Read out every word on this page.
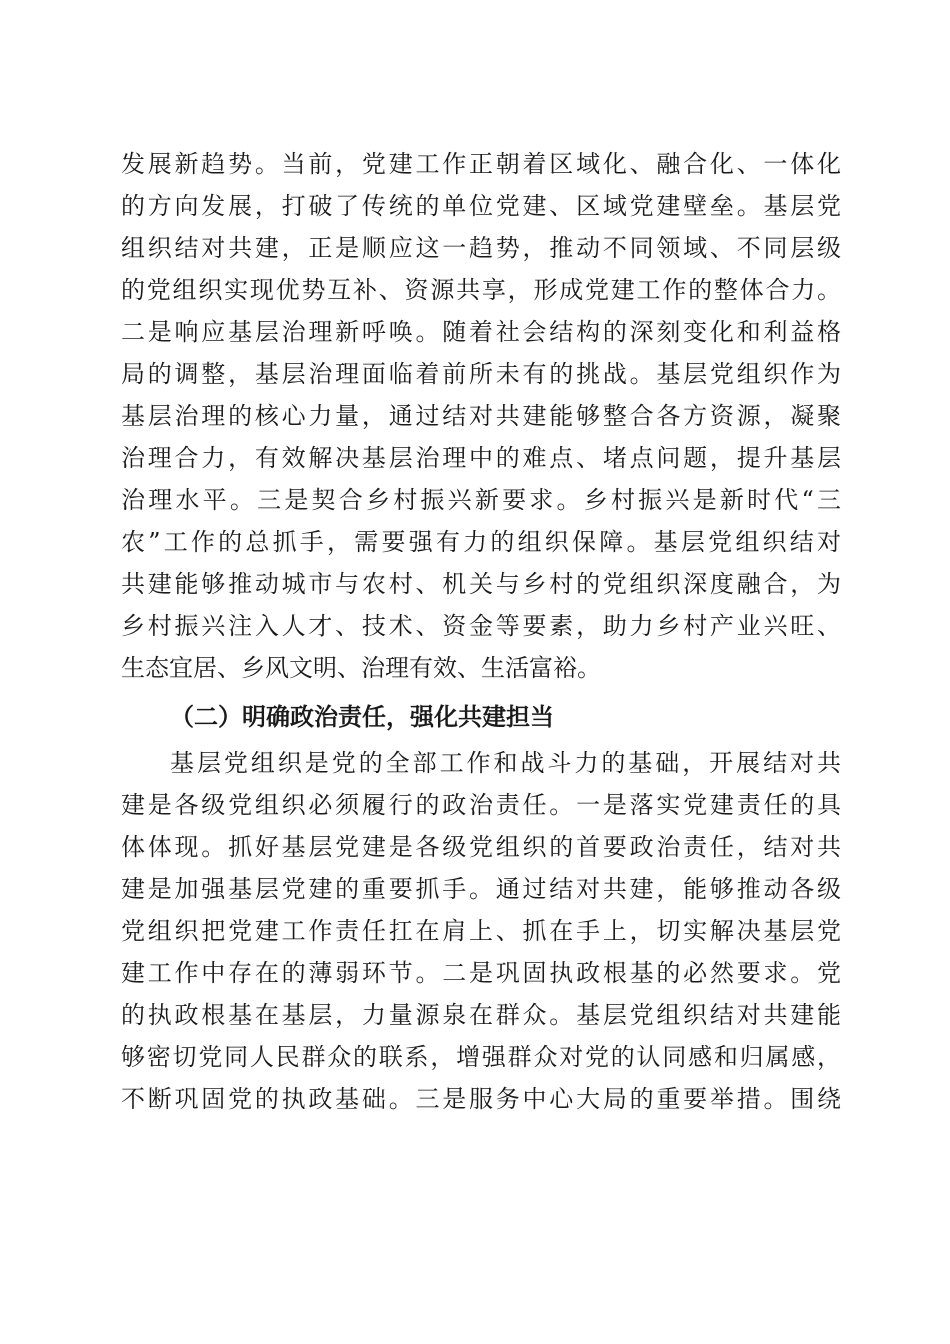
发展新趋势。当前，党建工作正朝着区域化、融合化、一体化
的方向发展，打破了传统的单位党建、区域党建壁垒。基层党
组织结对共建，正是顺应这一趋势，推动不同领域、不同层级
的党组织实现优势互补、资源共享，形成党建工作的整体合力。
二是响应基层治理新呼唤。随着社会结构的深刻变化和利益格
局的调整，基层治理面临着前所未有的挑战。基层党组织作为
基层治理的核心力量，通过结对共建能够整合各方资源，凝聚
治理合力，有效解决基层治理中的难点、堵点问题，提升基层
治理水平。三是契合乡村振兴新要求。乡村振兴是新时代“三
农”工作的总抓手，需要强有力的组织保障。基层党组织结对
共建能够推动城市与农村、机关与乡村的党组织深度融合，为
乡村振兴注入人才、技术、资金等要素，助力乡村产业兴旺、
生态宜居、乡风文明、治理有效、生活富裕。
（二）明确政治责任，强化共建担当
基层党组织是党的全部工作和战斗力的基础，开展结对共
建是各级党组织必须履行的政治责任。一是落实党建责任的具
体体现。抓好基层党建是各级党组织的首要政治责任，结对共
建是加强基层党建的重要抓手。通过结对共建，能够推动各级
党组织把党建工作责任扛在肩上、抓在手上，切实解决基层党
建工作中存在的薄弱环节。二是巩固执政根基的必然要求。党
的执政根基在基层，力量源泉在群众。基层党组织结对共建能
够密切党同人民群众的联系，增强群众对党的认同感和归属感，
不断巩固党的执政基础。三是服务中心大局的重要举措。围绕
